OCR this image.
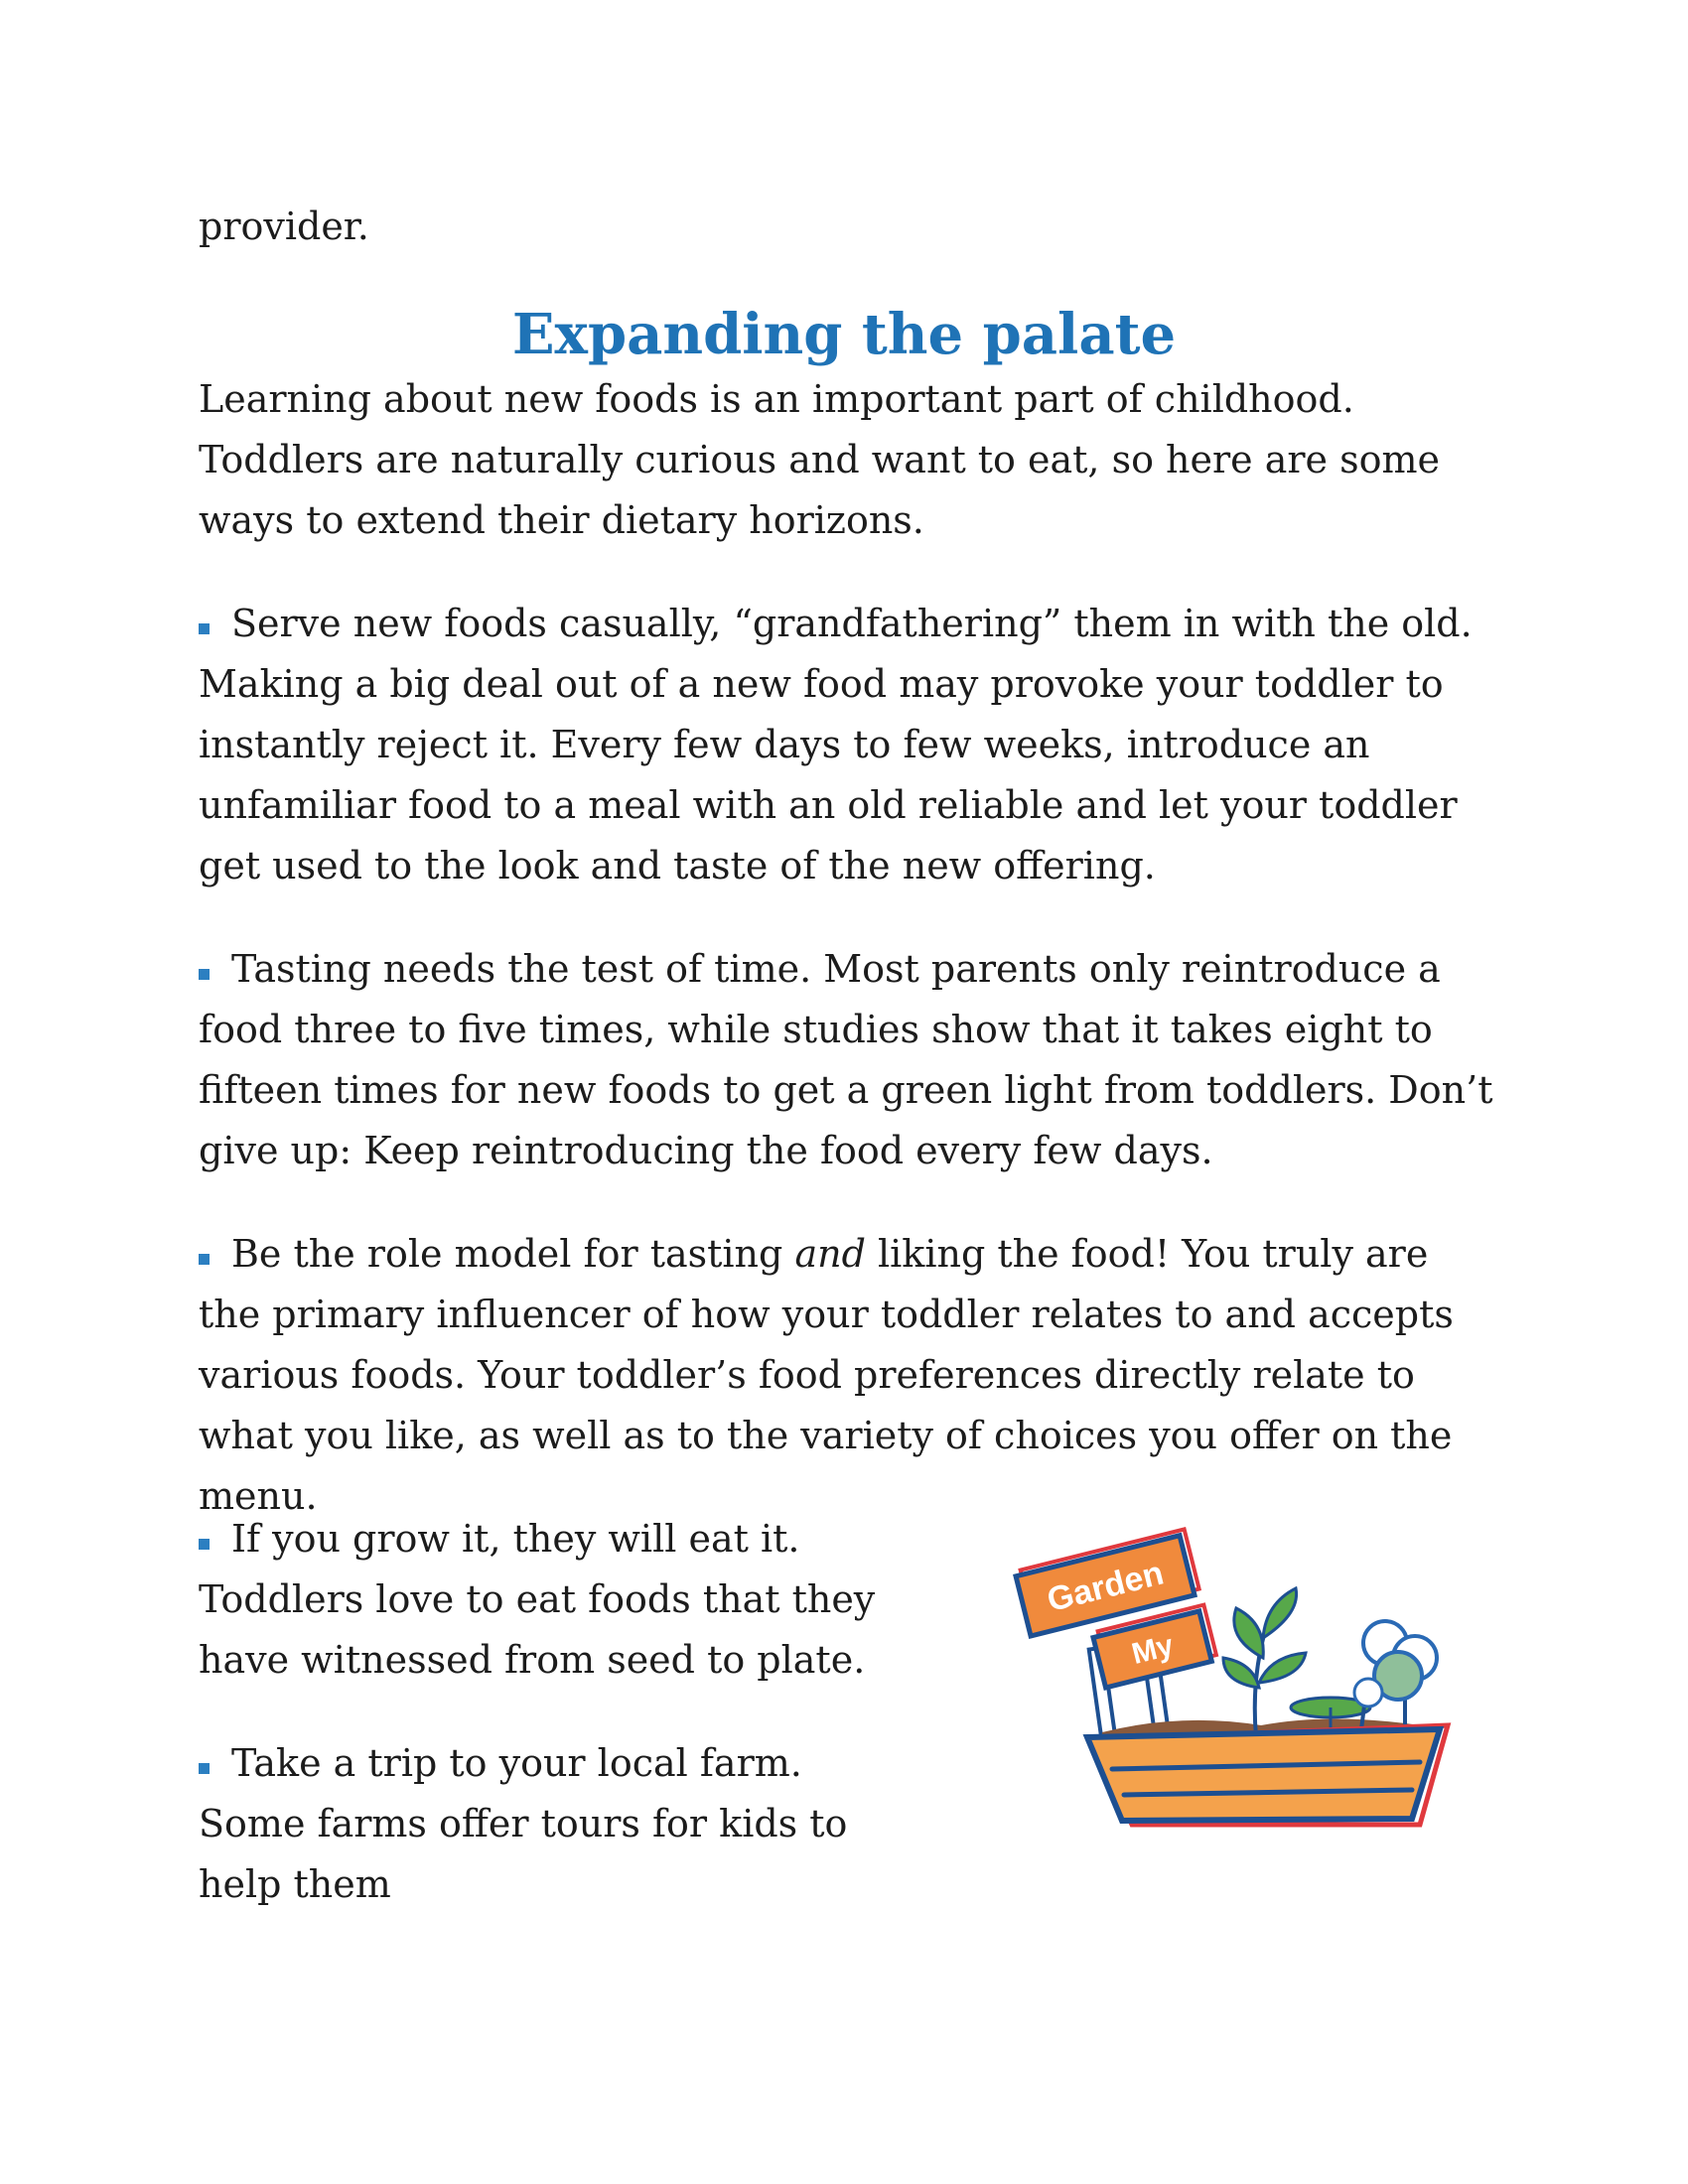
provider.

Expanding the palate

Learning about new foods is an important part of childhood. Toddlers are naturally curious and want to eat, so here are some ways to extend their dietary horizons.

Serve new foods casually, “grandfathering” them in with the old. Making a big deal out of a new food may provoke your toddler to instantly reject it. Every few days to few weeks, introduce an unfamiliar food to a meal with an old reliable and let your toddler get used to the look and taste of the new offering.

Tasting needs the test of time. Most parents only reintroduce a food three to five times, while studies show that it takes eight to fifteen times for new foods to get a green light from toddlers. Don’t give up: Keep reintroducing the food every few days.

Be the role model for tasting and liking the food! You truly are the primary influencer of how your toddler relates to and accepts various foods. Your toddler’s food preferences directly relate to what you like, as well as to the variety of choices you offer on the menu.

If you grow it, they will eat it. Toddlers love to eat foods that they have witnessed from seed to plate.

Take a trip to your local farm. Some farms offer tours for kids to help them

Garden
My
